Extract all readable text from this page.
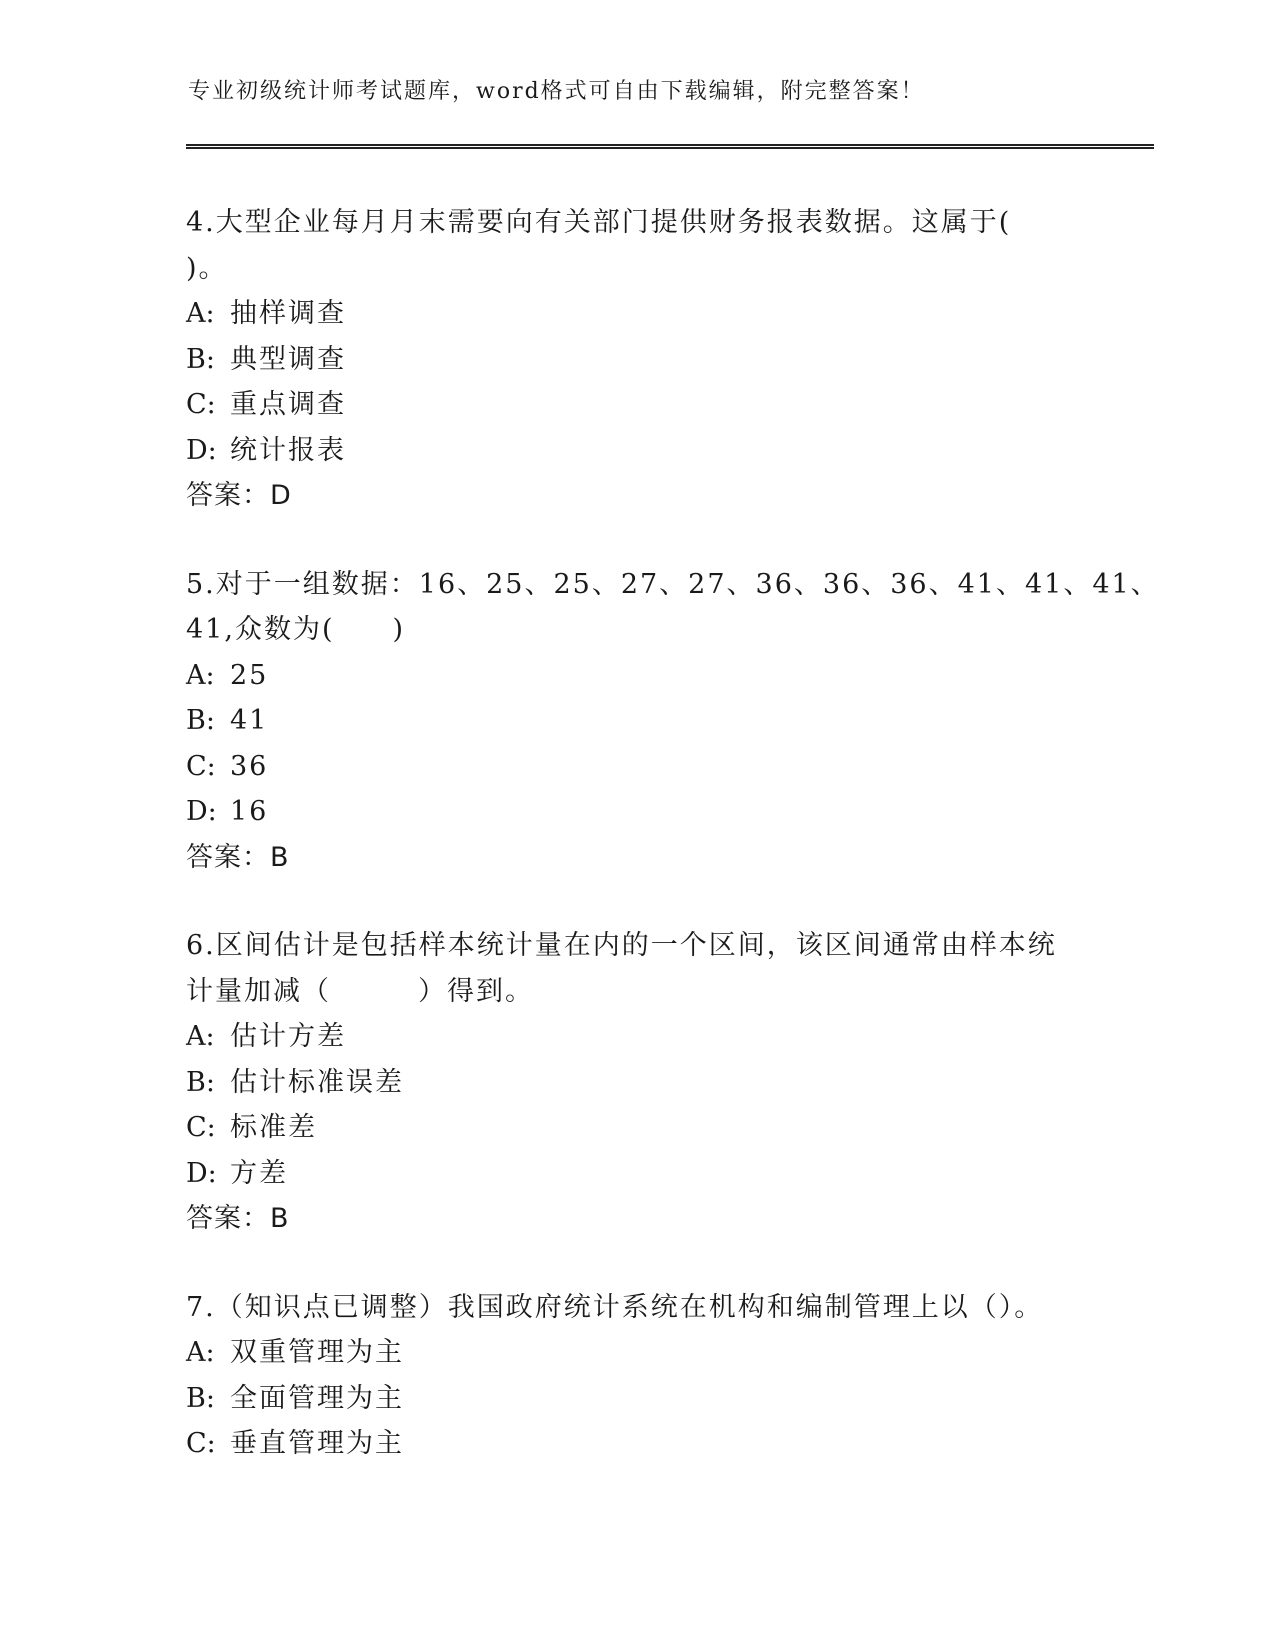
专业初级统计师考试题库，word格式可自由下载编辑，附完整答案！
4.大型企业每月月末需要向有关部门提供财务报表数据。这属于(
)。
A: 抽样调查
B: 典型调查
C: 重点调查
D: 统计报表
答案：D
5.对于一组数据：16、25、25、27、27、36、36、36、41、41、41、
41,众数为(　　)
A: 25
B: 41
C: 36
D: 16
答案：B
6.区间估计是包括样本统计量在内的一个区间，该区间通常由样本统
计量加减（　　　）得到。
A: 估计方差
B: 估计标准误差
C: 标准差
D: 方差
答案：B
7.（知识点已调整）我国政府统计系统在机构和编制管理上以（）。
A: 双重管理为主
B: 全面管理为主
C: 垂直管理为主
